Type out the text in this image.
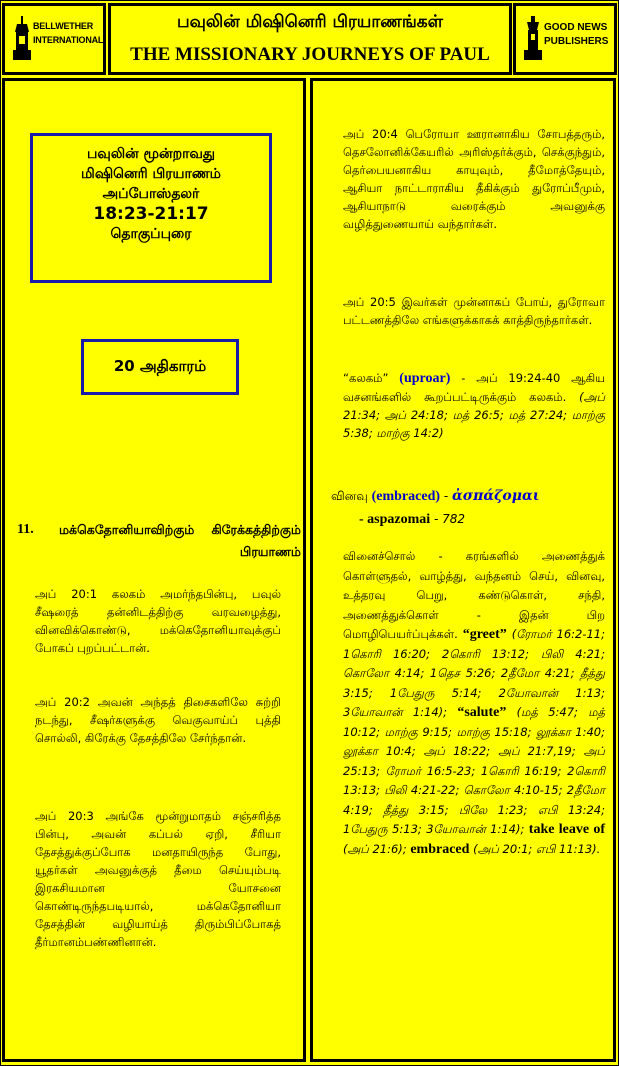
BELLWETHER
INTERNATIONAL
பவுலின் மிஷினெரி பிரயாணங்கள்
THE MISSIONARY JOURNEYS OF PAUL
GOOD NEWS
PUBLISHERS
பவுலின் மூன்றாவது
மிஷினெரி பிரயாணம்
அப்போஸ்தலர்
18:23-21:17
தொகுப்புரை
20 அதிகாரம்
11. மக்கெதோனியாவிற்கும் கிரேக்கத்திற்கும் பிரயாணம்
அப் 20:1 கலகம் அமர்ந்தபின்பு, பவுல் சீஷரைத் தன்னிடத்திற்கு வரவழைத்து, வினவிக்கொண்டு, மக்கெதோனியாவுக்குப் போகப் புறப்பட்டான்.
அப் 20:2 அவன் அந்தத் திசைகளிலே சுற்றி நடந்து, சீஷர்களுக்கு வெகுவாய்ப் புத்தி சொல்லி, கிரேக்கு தேசத்திலே சேர்ந்தான்.
அப் 20:3 அங்கே மூன்றுமாதம் சஞ்சரித்த பின்பு, அவன் கப்பல் ஏறி, சீரியா தேசத்துக்குப்போக மனதாயிருந்த போது, யூதர்கள் அவனுக்குத் தீமை செய்யும்படி இரகசியமான யோசனை கொண்டிருந்தபடியால், மக்கெதோனியா தேசத்தின் வழியாய்த் திரும்பிப்போகத் தீர்மானம்பண்ணினான்.
அப் 20:4 பெரோயா ஊரானாகிய சோபத்தரும், தெசலோனிக்கேயரில் அரிஸ்தர்க்கும், செக்குந்தும், தெர்பையனாகிய காயுவும், தீமோத்தேயும், ஆசியா நாட்டாராகிய தீகிக்கும் துரோப்பீமும், ஆசியாநாடு வரைக்கும் அவனுக்கு வழித்துணையாய் வந்தார்கள்.
அப் 20:5 இவர்கள் முன்னாகப் போய், துரோவா பட்டணத்திலே எங்களுக்காகக் காத்திருந்தார்கள்.
“கலகம்” (uproar) - அப் 19:24-40 ஆகிய வசனங்களில் கூறப்பட்டிருக்கும் கலகம். (அப் 21:34; அப் 24:18; மத் 26:5; மத் 27:24; மாற்கு 5:38; மாற்கு 14:2)
வினவு (embraced) - ἀσπάζομαι
- aspazomai - 782
வினைச்சொல் - கரங்களில் அணைத்துக் கொள்ளுதல், வாழ்த்து, வந்தனம் செய், வினவு, உத்தரவு பெறு, கண்டுகொள், சந்தி, அணைத்துக்கொள் - இதன் பிற மொழிபெயர்ப்புக்கள். “greet” (ரோமர் 16:2-11; 1கொரி 16:20; 2கொரி 13:12; பிலி 4:21; கொலோ 4:14; 1தெச 5:26; 2தீமோ 4:21; தீத்து 3:15; 1பேதுரு 5:14; 2யோவான் 1:13; 3யோவான் 1:14); “salute” (மத் 5:47; மத் 10:12; மாற்கு 9:15; மாற்கு 15:18; லூக்கா 1:40; லூக்கா 10:4; அப் 18:22; அப் 21:7,19; அப் 25:13; ரோமர் 16:5-23; 1கொரி 16:19; 2கொரி 13:13; பிலி 4:21-22; கொலோ 4:10-15; 2தீமோ 4:19; தீத்து 3:15; பிலே 1:23; எபி 13:24; 1பேதுரு 5:13; 3யோவான் 1:14); take leave of (அப் 21:6); embraced (அப் 20:1; எபி 11:13).
